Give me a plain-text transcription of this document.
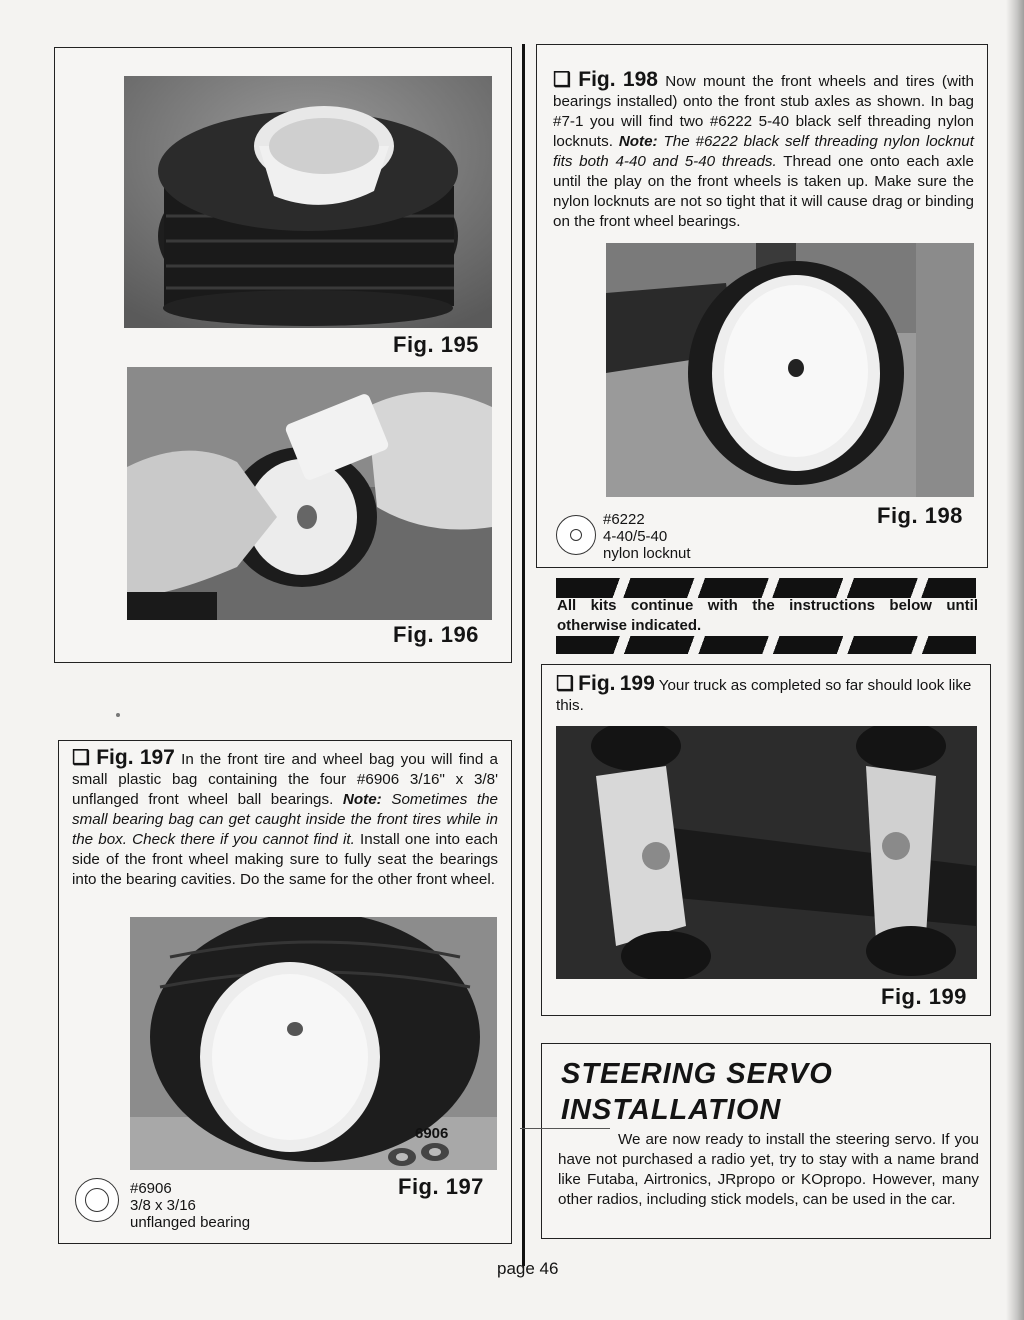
Fig. 195
Fig. 196
❑ Fig. 197 In the front tire and wheel bag you will find a small plastic bag containing the four #6906 3/16" x 3/8' unflanged front wheel ball bearings. Note: Sometimes the small bearing bag can get caught inside the front tires while in the box. Check there if you cannot find it. Install one into each side of the front wheel making sure to fully seat the bearings into the bearing cavities. Do the same for the other front wheel.
6906
#6906
3/8 x 3/16
unflanged bearing
Fig. 197
❑ Fig. 198 Now mount the front wheels and tires (with bearings installed) onto the front stub axles as shown. In bag #7-1 you will find two #6222 5-40 black self threading nylon locknuts. Note: The #6222 black self threading nylon locknut fits both 4-40 and 5-40 threads. Thread one onto each axle until the play on the front wheels is taken up. Make sure the nylon locknuts are not so tight that it will cause drag or binding on the front wheel bearings.
#6222
4-40/5-40
nylon locknut
Fig. 198
All kits continue with the instructions below until otherwise indicated.
❑ Fig. 199 Your truck as completed so far should look like this.
Fig. 199
STEERING SERVO
INSTALLATION
We are now ready to install the steering servo. If you have not purchased a radio yet, try to stay with a name brand like Futaba, Airtronics, JRpropo or KOpropo. However, many other radios, including stick models, can be used in the car.
page 46
